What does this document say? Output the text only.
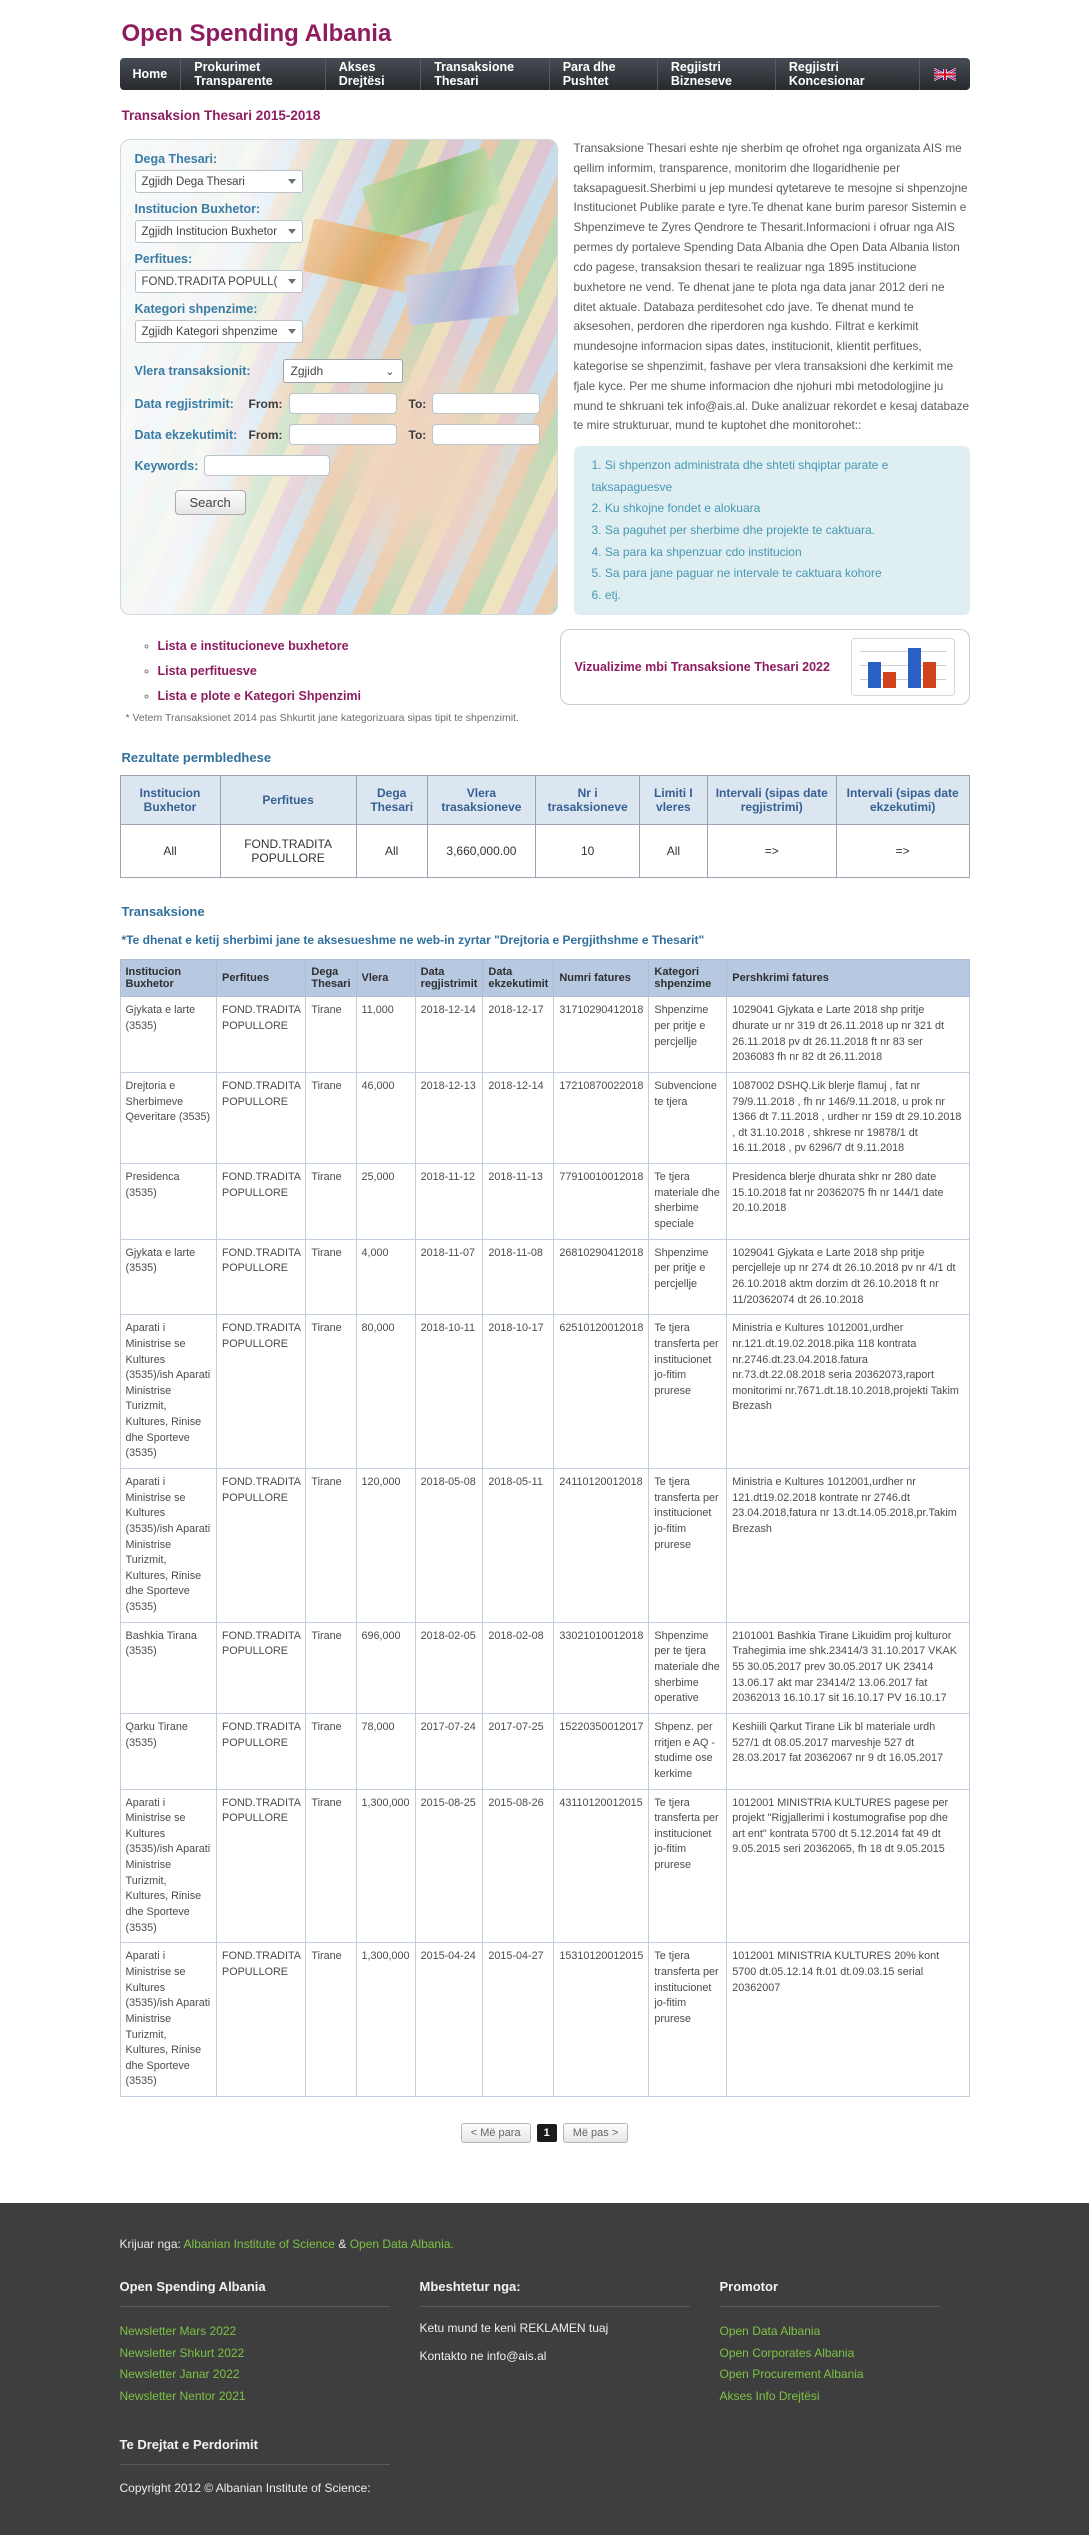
Open Spending Albania
Home	Prokurimet Transparente
Akses Drejtësi
Transaksione Thesari
Para dhe Pushtet
Regjistri Bizneseve
Regjistri Koncesionar
Transaksion Thesari 2015-2018
Dega Thesari:
Zgjidh Dega Thesari
Institucion Buxhetor:
Zgjidh Institucion Buxhetor
Perfitues:
FOND.TRADITA POPULL(
Kategori shpenzime:
Zgjidh Kategori shpenzime
Vlera transaksionit:	Zgjidh	⌄
Data regjistrimit:	From:	To:
Data ekzekutimit: From:	To:
Keywords:
Search

Transaksione Thesari eshte nje sherbim qe ofrohet nga organizata AIS me qellim informim, transparence, monitorim dhe llogaridhenie per taksapaguesit.Sherbimi u jep mundesi qytetareve te mesojne si shpenzojne Institucionet Publike parate e tyre.Te dhenat kane burim paresor Sistemin e Shpenzimeve te Zyres Qendrore te Thesarit.Informacioni i ofruar nga AIS permes dy portaleve Spending Data Albania dhe Open Data Albania liston cdo pagese, transaksion thesari te realizuar nga 1895 institucione buxhetore ne vend. Te dhenat jane te plota nga data janar 2012 deri ne ditet aktuale. Databaza perditesohet cdo jave. Te dhenat mund te aksesohen, perdoren dhe riperdoren nga kushdo. Filtrat e kerkimit mundesojne informacion sipas dates, institucionit, klientit perfitues, kategorise se shpenzimit, fashave per vlera transaksioni dhe kerkimit me fjale kyce. Per me shume informacion dhe njohuri mbi metodologjine ju mund te shkruani tek info@ais.al. Duke analizuar rekordet e kesaj databaze te mire strukturuar, mund te kuptohet dhe monitorohet::

1. Si shpenzon administrata dhe shteti shqiptar parate e taksapaguesve
2. Ku shkojne fondet e alokuara
3. Sa paguhet per sherbime dhe projekte te caktuara.
4. Sa para ka shpenzuar cdo institucion
5. Sa para jane paguar ne intervale te caktuara kohore
6. etj.
◦ Lista e institucioneve buxhetore
◦ Lista perfituesve
◦ Lista e plote e Kategori Shpenzimi
* Vetem Transaksionet 2014 pas Shkurtit jane kategorizuara sipas tipit te shpenzimit.
Vizualizime mbi Transaksione Thesari 2022
Rezultate permbledhese
Institucion Buxhetor	Perfitues	Dega Thesari	Vlera trasaksioneve	Nr i trasaksioneve	Limiti I vleres	Intervali (sipas date regjistrimi)	Intervali (sipas date ekzekutimi)
All	FOND.TRADITA POPULLORE	All	3,660,000.00	10	All	=>	=>
Transaksione
*Te dhenat e ketij sherbimi jane te aksesueshme ne web-in zyrtar "Drejtoria e Pergjithshme e Thesarit"
Institucion Buxhetor	Perfitues	Dega Thesari	Vlera	Data regjistrimit	Data ekzekutimit	Numri fatures	Kategori shpenzime	Pershkrimi fatures
Gjykata e larte (3535)	FOND.TRADITA POPULLORE	Tirane	11,000	2018-12-14	2018-12-17	31710290412018	Shpenzime per pritje e percjellje	1029041 Gjykata e Larte 2018 shp pritje dhurate ur nr 319 dt 26.11.2018 up nr 321 dt 26.11.2018 pv dt 26.11.2018 ft nr 83 ser 2036083 fh nr 82 dt 26.11.2018
Drejtoria e Sherbimeve Qeveritare (3535)	FOND.TRADITA POPULLORE	Tirane	46,000	2018-12-13	2018-12-14	17210870022018	Subvencione te tjera	1087002 DSHQ.Lik blerje flamuj , fat nr 79/9.11.2018 , fh nr 146/9.11.2018, u prok nr 1366 dt 7.11.2018 , urdher nr 159 dt 29.10.2018 , dt 31.10.2018 , shkrese nr 19878/1 dt 16.11.2018 , pv 6296/7 dt 9.11.2018
Presidenca (3535)	FOND.TRADITA POPULLORE	Tirane	25,000	2018-11-12	2018-11-13	77910010012018	Te tjera materiale dhe sherbime speciale	Presidenca blerje dhurata shkr nr 280 date 15.10.2018 fat nr 20362075 fh nr 144/1 date 20.10.2018
Gjykata e larte (3535)	FOND.TRADITA POPULLORE	Tirane	4,000	2018-11-07	2018-11-08	26810290412018	Shpenzime per pritje e percjellje	1029041 Gjykata e Larte 2018 shp pritje percjelleje up nr 274 dt 26.10.2018 pv nr 4/1 dt 26.10.2018 aktm dorzim dt 26.10.2018 ft nr 11/20362074 dt 26.10.2018
Aparati i Ministrise se Kultures (3535)/ish Aparati Ministrise Turizmit, Kultures, Rinise dhe Sporteve (3535)	FOND.TRADITA POPULLORE	Tirane	80,000	2018-10-11	2018-10-17	62510120012018	Te tjera transferta per institucionet jo-fitim prurese	Ministria e Kultures 1012001,urdher nr.121.dt.19.02.2018.pika 118 kontrata nr.2746.dt.23.04.2018.fatura nr.73.dt.22.08.2018 seria 20362073,raport monitorimi nr.7671.dt.18.10.2018,projekti Takim Brezash
Aparati i Ministrise se Kultures (3535)/ish Aparati Ministrise Turizmit, Kultures, Rinise dhe Sporteve (3535)	FOND.TRADITA POPULLORE	Tirane	120,000	2018-05-08	2018-05-11	24110120012018	Te tjera transferta per institucionet jo-fitim prurese	Ministria e Kultures 1012001,urdher nr 121.dt19.02.2018 kontrate nr 2746.dt 23.04.2018,fatura nr 13.dt.14.05.2018,pr.Takim Brezash
Bashkia Tirana (3535)	FOND.TRADITA POPULLORE	Tirane	696,000	2018-02-05	2018-02-08	33021010012018	Shpenzime per te tjera materiale dhe sherbime operative	2101001 Bashkia Tirane Likuidim proj kulturor Trahegimia ime shk.23414/3 31.10.2017 VKAK 55 30.05.2017 prev 30.05.2017 UK 23414 13.06.17 akt mar 23414/2 13.06.2017 fat 20362013 16.10.17 sit 16.10.17 PV 16.10.17
Qarku Tirane (3535)	FOND.TRADITA POPULLORE	Tirane	78,000	2017-07-24	2017-07-25	15220350012017	Shpenz. per rritjen e AQ - studime ose kerkime	Keshiili Qarkut Tirane Lik bl materiale urdh 527/1 dt 08.05.2017 marveshje 527 dt 28.03.2017 fat 20362067 nr 9 dt 16.05.2017
Aparati i Ministrise se Kultures (3535)/ish Aparati Ministrise Turizmit, Kultures, Rinise dhe Sporteve (3535)	FOND.TRADITA POPULLORE	Tirane	1,300,000	2015-08-25	2015-08-26	43110120012015	Te tjera transferta per institucionet jo-fitim prurese	1012001 MINISTRIA KULTURES pagese per projekt "Rigjallerimi i kostumografise pop dhe art ent" kontrata 5700 dt 5.12.2014 fat 49 dt 9.05.2015 seri 20362065, fh 18 dt 9.05.2015
Aparati i Ministrise se Kultures (3535)/ish Aparati Ministrise Turizmit, Kultures, Rinise dhe Sporteve (3535)	FOND.TRADITA POPULLORE	Tirane	1,300,000	2015-04-24	2015-04-27	15310120012015	Te tjera transferta per institucionet jo-fitim prurese	1012001 MINISTRIA KULTURES 20% kont 5700 dt.05.12.14 ft.01 dt.09.03.15 serial 20362007
< Më para	1	Më pas >
Krijuar nga: Albanian Institute of Science & Open Data Albania.
Open Spending Albania
Newsletter Mars 2022
Newsletter Shkurt 2022
Newsletter Janar 2022
Newsletter Nentor 2021
Mbeshtetur nga:

Ketu mund te keni REKLAMEN tuaj

Kontakto ne info@ais.al

Promotor
Open Data Albania
Open Corporates Albania
Open Procurement Albania
Akses Info Drejtësi
Te Drejtat e Perdorimit
Copyright 2012 © Albanian Institute of Science:
